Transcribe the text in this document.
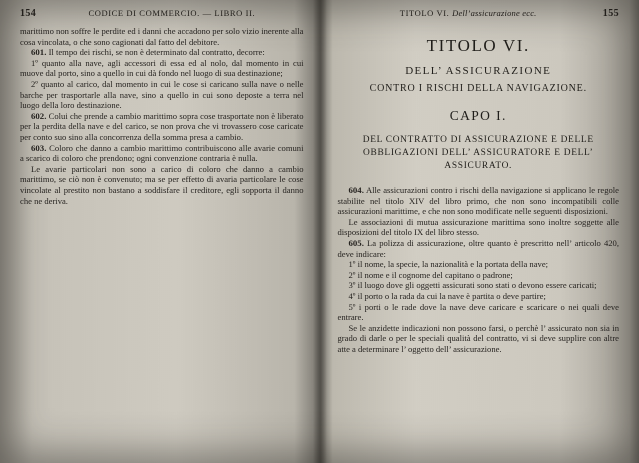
154	CODICE DI COMMERCIO. — LIBRO II.

marittimo non soffre le perdite ed i danni che accadono per solo vizio inerente alla cosa vincolata, o che sono cagionati dal fatto del debitore.

601. Il tempo dei rischi, se non è determinato dal contratto, decorre:

1º quanto alla nave, agli accessori di essa ed al nolo, dal momento in cui muove dal porto, sino a quello in cui dà fondo nel luogo di sua destinazione;

2º quanto al carico, dal momento in cui le cose si caricano sulla nave o nelle barche per trasportarle alla nave, sino a quello in cui sono deposte a terra nel luogo della loro destinazione.

602. Colui che prende a cambio marittimo sopra cose trasportate non è liberato per la perdita della nave e del carico, se non prova che vi trovassero cose caricate per conto suo sino alla concorrenza della somma presa a cambio.

603. Coloro che danno a cambio marittimo contribuiscono alle avarie comuni a scarico di coloro che prendono; ogni convenzione contraria è nulla.

Le avarie particolari non sono a carico di coloro che danno a cambio marittimo, se ciò non è convenuto; ma se per effetto di avaria particolare le cose vincolate al prestito non bastano a soddisfare il creditore, egli sopporta il danno che ne deriva.

TITOLO VI. Dell’assicurazione ecc.	155
TITOLO VI.
DELL’ ASSICURAZIONE
CONTRO I RISCHI DELLA NAVIGAZIONE.
CAPO I.
DEL CONTRATTO DI ASSICURAZIONE E DELLE OBBLIGAZIONI DELL’ ASSICURATORE E DELL’ ASSICURATO.

604. Alle assicurazioni contro i rischi della navigazione si applicano le regole stabilite nel titolo XIV del libro primo, che non sono incompatibili colle assicurazioni marittime, e che non sono modificate nelle seguenti disposizioni.

Le associazioni di mutua assicurazione marittima sono inoltre soggette alle disposizioni del titolo IX del libro stesso.

605. La polizza di assicurazione, oltre quanto è prescritto nell’ articolo 420, deve indicare:

1º il nome, la specie, la nazionalità e la portata della nave;

2º il nome e il cognome del capitano o padrone;

3º il luogo dove gli oggetti assicurati sono stati o devono essere caricati;

4º il porto o la rada da cui la nave è partita o deve partire;

5º i porti o le rade dove la nave deve caricare e scaricare o nei quali deve entrare.

Se le anzidette indicazioni non possono farsi, o perchè l’ assicurato non sia in grado di darle o per le speciali qualità del contratto, vi si deve supplire con altre atte a determinare l’ oggetto dell’ assicurazione.
